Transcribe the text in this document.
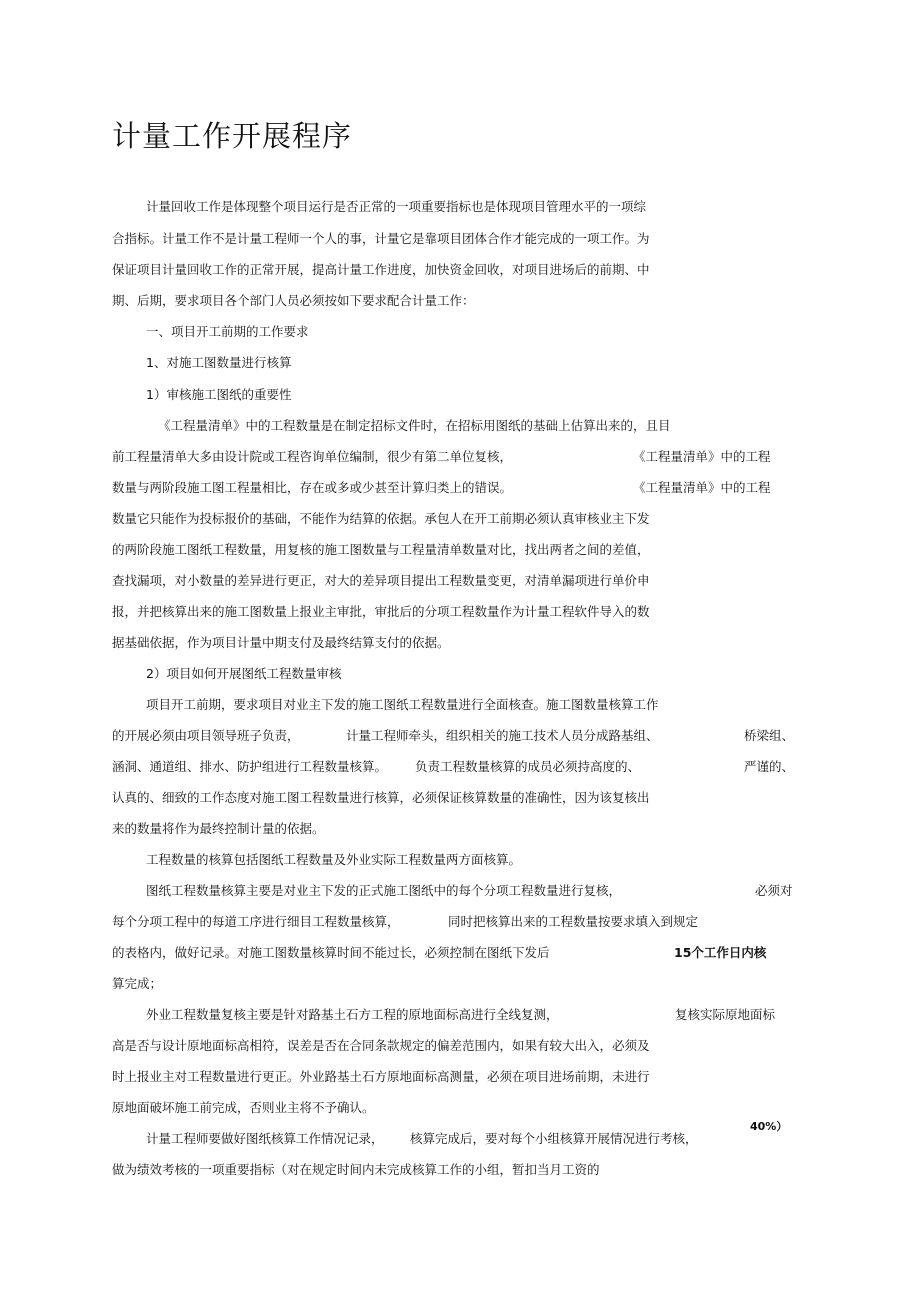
计量工作开展程序
计量回收工作是体现整个项目运行是否正常的一项重要指标也是体现项目管理水平的一项综
合指标。计量工作不是计量工程师一个人的事，计量它是靠项目团体合作才能完成的一项工作。为
保证项目计量回收工作的正常开展，提高计量工作进度，加快资金回收，对项目进场后的前期、中
期、后期，要求项目各个部门人员必须按如下要求配合计量工作：
一、项目开工前期的工作要求
1、对施工图数量进行核算
1）审核施工图纸的重要性
《工程量清单》中的工程数量是在制定招标文件时，在招标用图纸的基础上估算出来的，且目
前工程量清单大多由设计院或工程咨询单位编制，很少有第二单位复核，	《工程量清单》中的工程
数量与两阶段施工图工程量相比，存在或多或少甚至计算归类上的错误。	《工程量清单》中的工程
数量它只能作为投标报价的基础，不能作为结算的依据。承包人在开工前期必须认真审核业主下发
的两阶段施工图纸工程数量，用复核的施工图数量与工程量清单数量对比，找出两者之间的差值，
查找漏项，对小数量的差异进行更正，对大的差异项目提出工程数量变更，对清单漏项进行单价申
报，并把核算出来的施工图数量上报业主审批，审批后的分项工程数量作为计量工程软件导入的数
据基础依据，作为项目计量中期支付及最终结算支付的依据。
2）项目如何开展图纸工程数量审核
项目开工前期，要求项目对业主下发的施工图纸工程数量进行全面核查。施工图数量核算工作
的开展必须由项目领导班子负责，	计量工程师牵头，组织相关的施工技术人员分成路基组、	桥梁组、
涵洞、通道组、排水、防护组进行工程数量核算。 负责工程数量核算的成员必须持高度的、	严谨的、
认真的、细致的工作态度对施工图工程数量进行核算，必须保证核算数量的准确性，因为该复核出
来的数量将作为最终控制计量的依据。
工程数量的核算包括图纸工程数量及外业实际工程数量两方面核算。
图纸工程数量核算主要是对业主下发的正式施工图纸中的每个分项工程数量进行复核，	必须对
每个分项工程中的每道工序进行细目工程数量核算，	同时把核算出来的工程数量按要求填入到规定
的表格内，做好记录。对施工图数量核算时间不能过长，必须控制在图纸下发后	15个工作日内核
算完成；
外业工程数量复核主要是针对路基土石方工程的原地面标高进行全线复测，	复核实际原地面标
高是否与设计原地面标高相符，误差是否在合同条款规定的偏差范围内，如果有较大出入，必须及
时上报业主对工程数量进行更正。外业路基土石方原地面标高测量，必须在项目进场前期，未进行
原地面破坏施工前完成，否则业主将不予确认。
40%）
计量工程师要做好图纸核算工作情况记录， 核算完成后，要对每个小组核算开展情况进行考核，
做为绩效考核的一项重要指标（对在规定时间内未完成核算工作的小组，暂扣当月工资的
